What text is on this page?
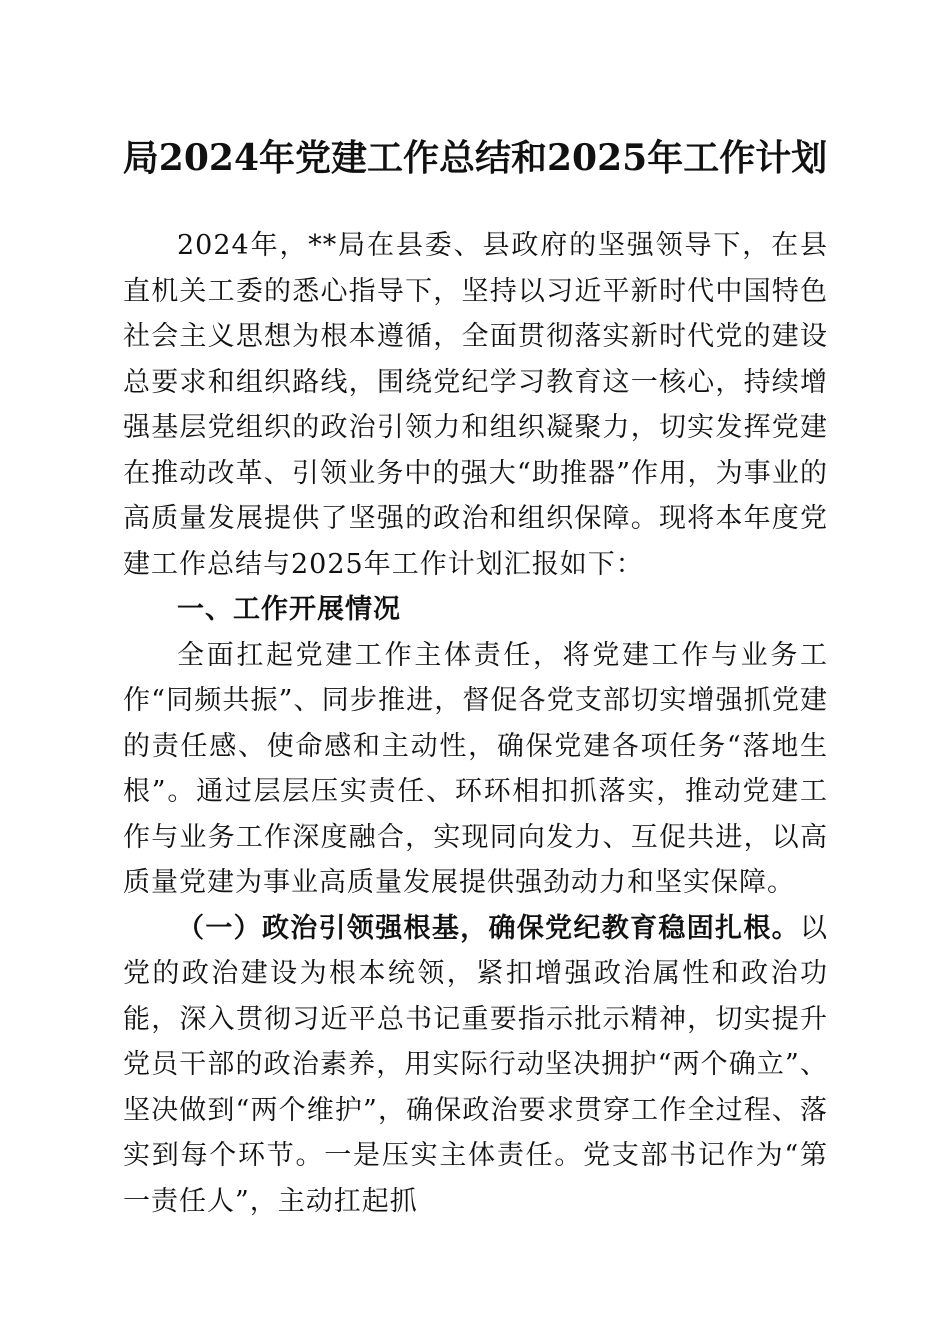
局2024年党建工作总结和2025年工作计划

2024年，**局在县委、县政府的坚强领导下，在县直机关工委的悉心指导下，坚持以习近平新时代中国特色社会主义思想为根本遵循，全面贯彻落实新时代党的建设总要求和组织路线，围绕党纪学习教育这一核心，持续增强基层党组织的政治引领力和组织凝聚力，切实发挥党建在推动改革、引领业务中的强大“助推器”作用，为事业的高质量发展提供了坚强的政治和组织保障。现将本年度党建工作总结与2025年工作计划汇报如下：

一、工作开展情况

全面扛起党建工作主体责任，将党建工作与业务工作“同频共振”、同步推进，督促各党支部切实增强抓党建的责任感、使命感和主动性，确保党建各项任务“落地生根”。通过层层压实责任、环环相扣抓落实，推动党建工作与业务工作深度融合，实现同向发力、互促共进，以高质量党建为事业高质量发展提供强劲动力和坚实保障。

（一）政治引领强根基，确保党纪教育稳固扎根。以党的政治建设为根本统领，紧扣增强政治属性和政治功能，深入贯彻习近平总书记重要指示批示精神，切实提升党员干部的政治素养，用实际行动坚决拥护“两个确立”、坚决做到“两个维护”，确保政治要求贯穿工作全过程、落实到每个环节。一是压实主体责任。党支部书记作为“第一责任人”，主动扛起抓
